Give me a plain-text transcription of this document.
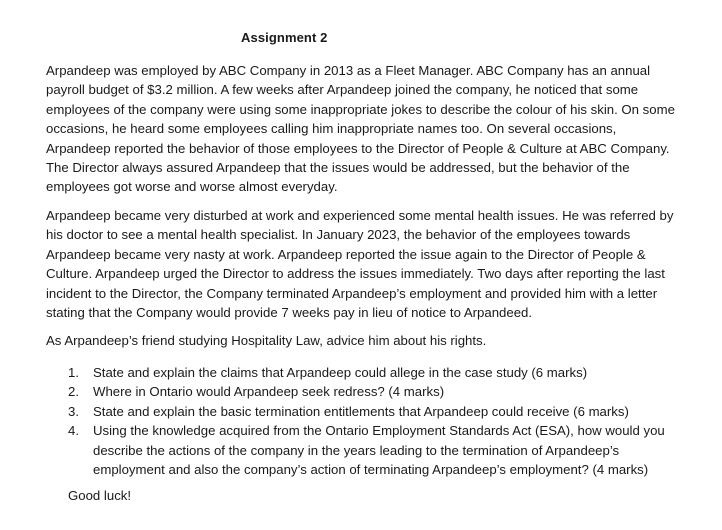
Assignment 2

Arpandeep was employed by ABC Company in 2013 as a Fleet Manager. ABC Company has an annual payroll budget of $3.2 million. A few weeks after Arpandeep joined the company, he noticed that some employees of the company were using some inappropriate jokes to describe the colour of his skin. On some occasions, he heard some employees calling him inappropriate names too. On several occasions, Arpandeep reported the behavior of those employees to the Director of People & Culture at ABC Company. The Director always assured Arpandeep that the issues would be addressed, but the behavior of the employees got worse and worse almost everyday.

Arpandeep became very disturbed at work and experienced some mental health issues. He was referred by his doctor to see a mental health specialist. In January 2023, the behavior of the employees towards Arpandeep became very nasty at work. Arpandeep reported the issue again to the Director of People & Culture. Arpandeep urged the Director to address the issues immediately. Two days after reporting the last incident to the Director, the Company terminated Arpandeep’s employment and provided him with a letter stating that the Company would provide 7 weeks pay in lieu of notice to Arpandeed.

As Arpandeep’s friend studying Hospitality Law, advice him about his rights.

1. State and explain the claims that Arpandeep could allege in the case study (6 marks)
2. Where in Ontario would Arpandeep seek redress? (4 marks)
3. State and explain the basic termination entitlements that Arpandeep could receive (6 marks)
4. Using the knowledge acquired from the Ontario Employment Standards Act (ESA), how would you describe the actions of the company in the years leading to the termination of Arpandeep’s employment and also the company’s action of terminating Arpandeep’s employment? (4 marks)
Good luck!
